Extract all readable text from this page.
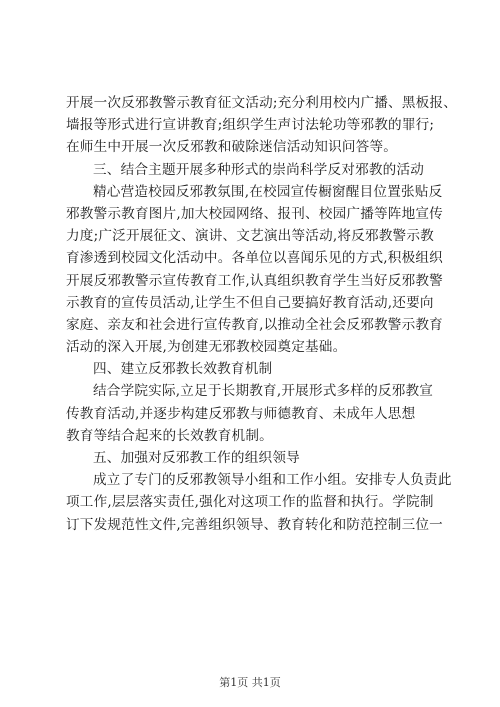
开展一次反邪教警示教育征文活动;充分利用校内广播、黑板报、
墙报等形式进行宣讲教育;组织学生声讨法轮功等邪教的罪行;
在师生中开展一次反邪教和破除迷信活动知识问答等。
三、结合主题开展多种形式的崇尚科学反对邪教的活动
精心营造校园反邪教氛围,在校园宣传橱窗醒目位置张贴反
邪教警示教育图片,加大校园网络、报刊、校园广播等阵地宣传
力度;广泛开展征文、演讲、文艺演出等活动,将反邪教警示教
育渗透到校园文化活动中。各单位以喜闻乐见的方式,积极组织
开展反邪教警示宣传教育工作,认真组织教育学生当好反邪教警
示教育的宣传员活动,让学生不但自己要搞好教育活动,还要向
家庭、亲友和社会进行宣传教育,以推动全社会反邪教警示教育
活动的深入开展,为创建无邪教校园奠定基础。
四、建立反邪教长效教育机制
结合学院实际,立足于长期教育,开展形式多样的反邪教宣
传教育活动,并逐步构建反邪教与师德教育、未成年人思想
教育等结合起来的长效教育机制。
五、加强对反邪教工作的组织领导
成立了专门的反邪教领导小组和工作小组。安排专人负责此
项工作,层层落实责任,强化对这项工作的监督和执行。学院制
订下发规范性文件,完善组织领导、教育转化和防范控制三位一
第1页 共1页
